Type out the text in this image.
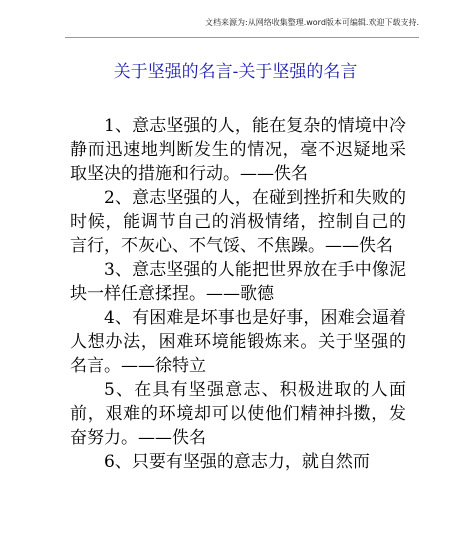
文档来源为:从网络收集整理.word版本可编辑.欢迎下载支持.
关于坚强的名言-关于坚强的名言

1、意志坚强的人，能在复杂的情境中冷静而迅速地判断发生的情况，毫不迟疑地采取坚决的措施和行动。——佚名

2、意志坚强的人，在碰到挫折和失败的时候，能调节自己的消极情绪，控制自己的言行，不灰心、不气馁、不焦躁。——佚名

3、意志坚强的人能把世界放在手中像泥块一样任意揉捏。——歌德

4、有困难是坏事也是好事，困难会逼着人想办法，困难环境能锻炼来。关于坚强的名言。——徐特立

5、在具有坚强意志、积极进取的人面前，艰难的环境却可以使他们精神抖擞，发奋努力。——佚名

6、只要有坚强的意志力，就自然而
